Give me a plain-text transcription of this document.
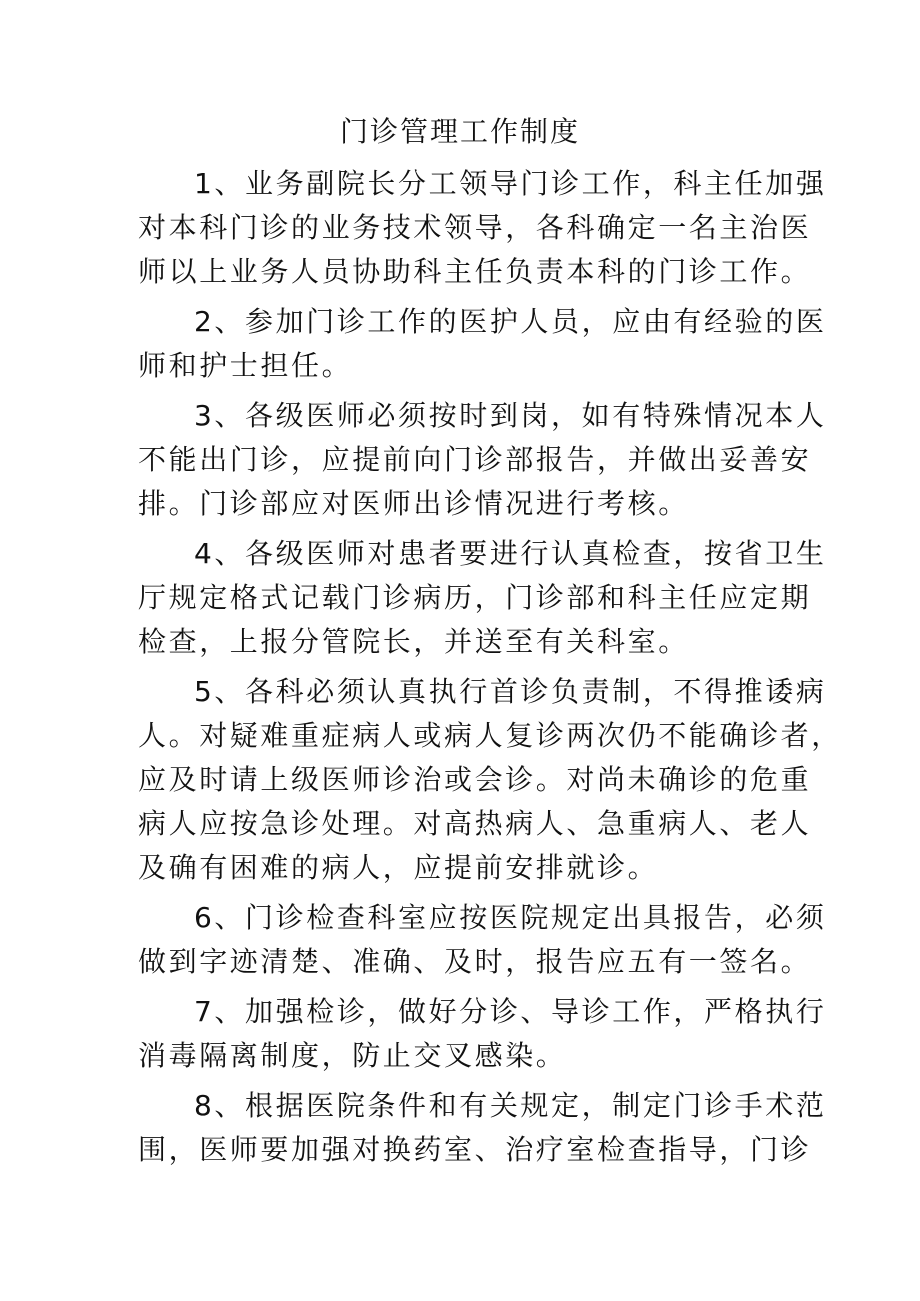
门诊管理工作制度
1、业务副院长分工领导门诊工作，科主任加强
对本科门诊的业务技术领导，各科确定一名主治医
师以上业务人员协助科主任负责本科的门诊工作。
2、参加门诊工作的医护人员，应由有经验的医
师和护士担任。
3、各级医师必须按时到岗，如有特殊情况本人
不能出门诊，应提前向门诊部报告，并做出妥善安
排。门诊部应对医师出诊情况进行考核。
4、各级医师对患者要进行认真检查，按省卫生
厅规定格式记载门诊病历，门诊部和科主任应定期
检查，上报分管院长，并送至有关科室。
5、各科必须认真执行首诊负责制，不得推诿病
人。对疑难重症病人或病人复诊两次仍不能确诊者，
应及时请上级医师诊治或会诊。对尚未确诊的危重
病人应按急诊处理。对高热病人、急重病人、老人
及确有困难的病人，应提前安排就诊。
6、门诊检查科室应按医院规定出具报告，必须
做到字迹清楚、准确、及时，报告应五有一签名。
7、加强检诊，做好分诊、导诊工作，严格执行
消毒隔离制度，防止交叉感染。
8、根据医院条件和有关规定，制定门诊手术范
围，医师要加强对换药室、治疗室检查指导，门诊
